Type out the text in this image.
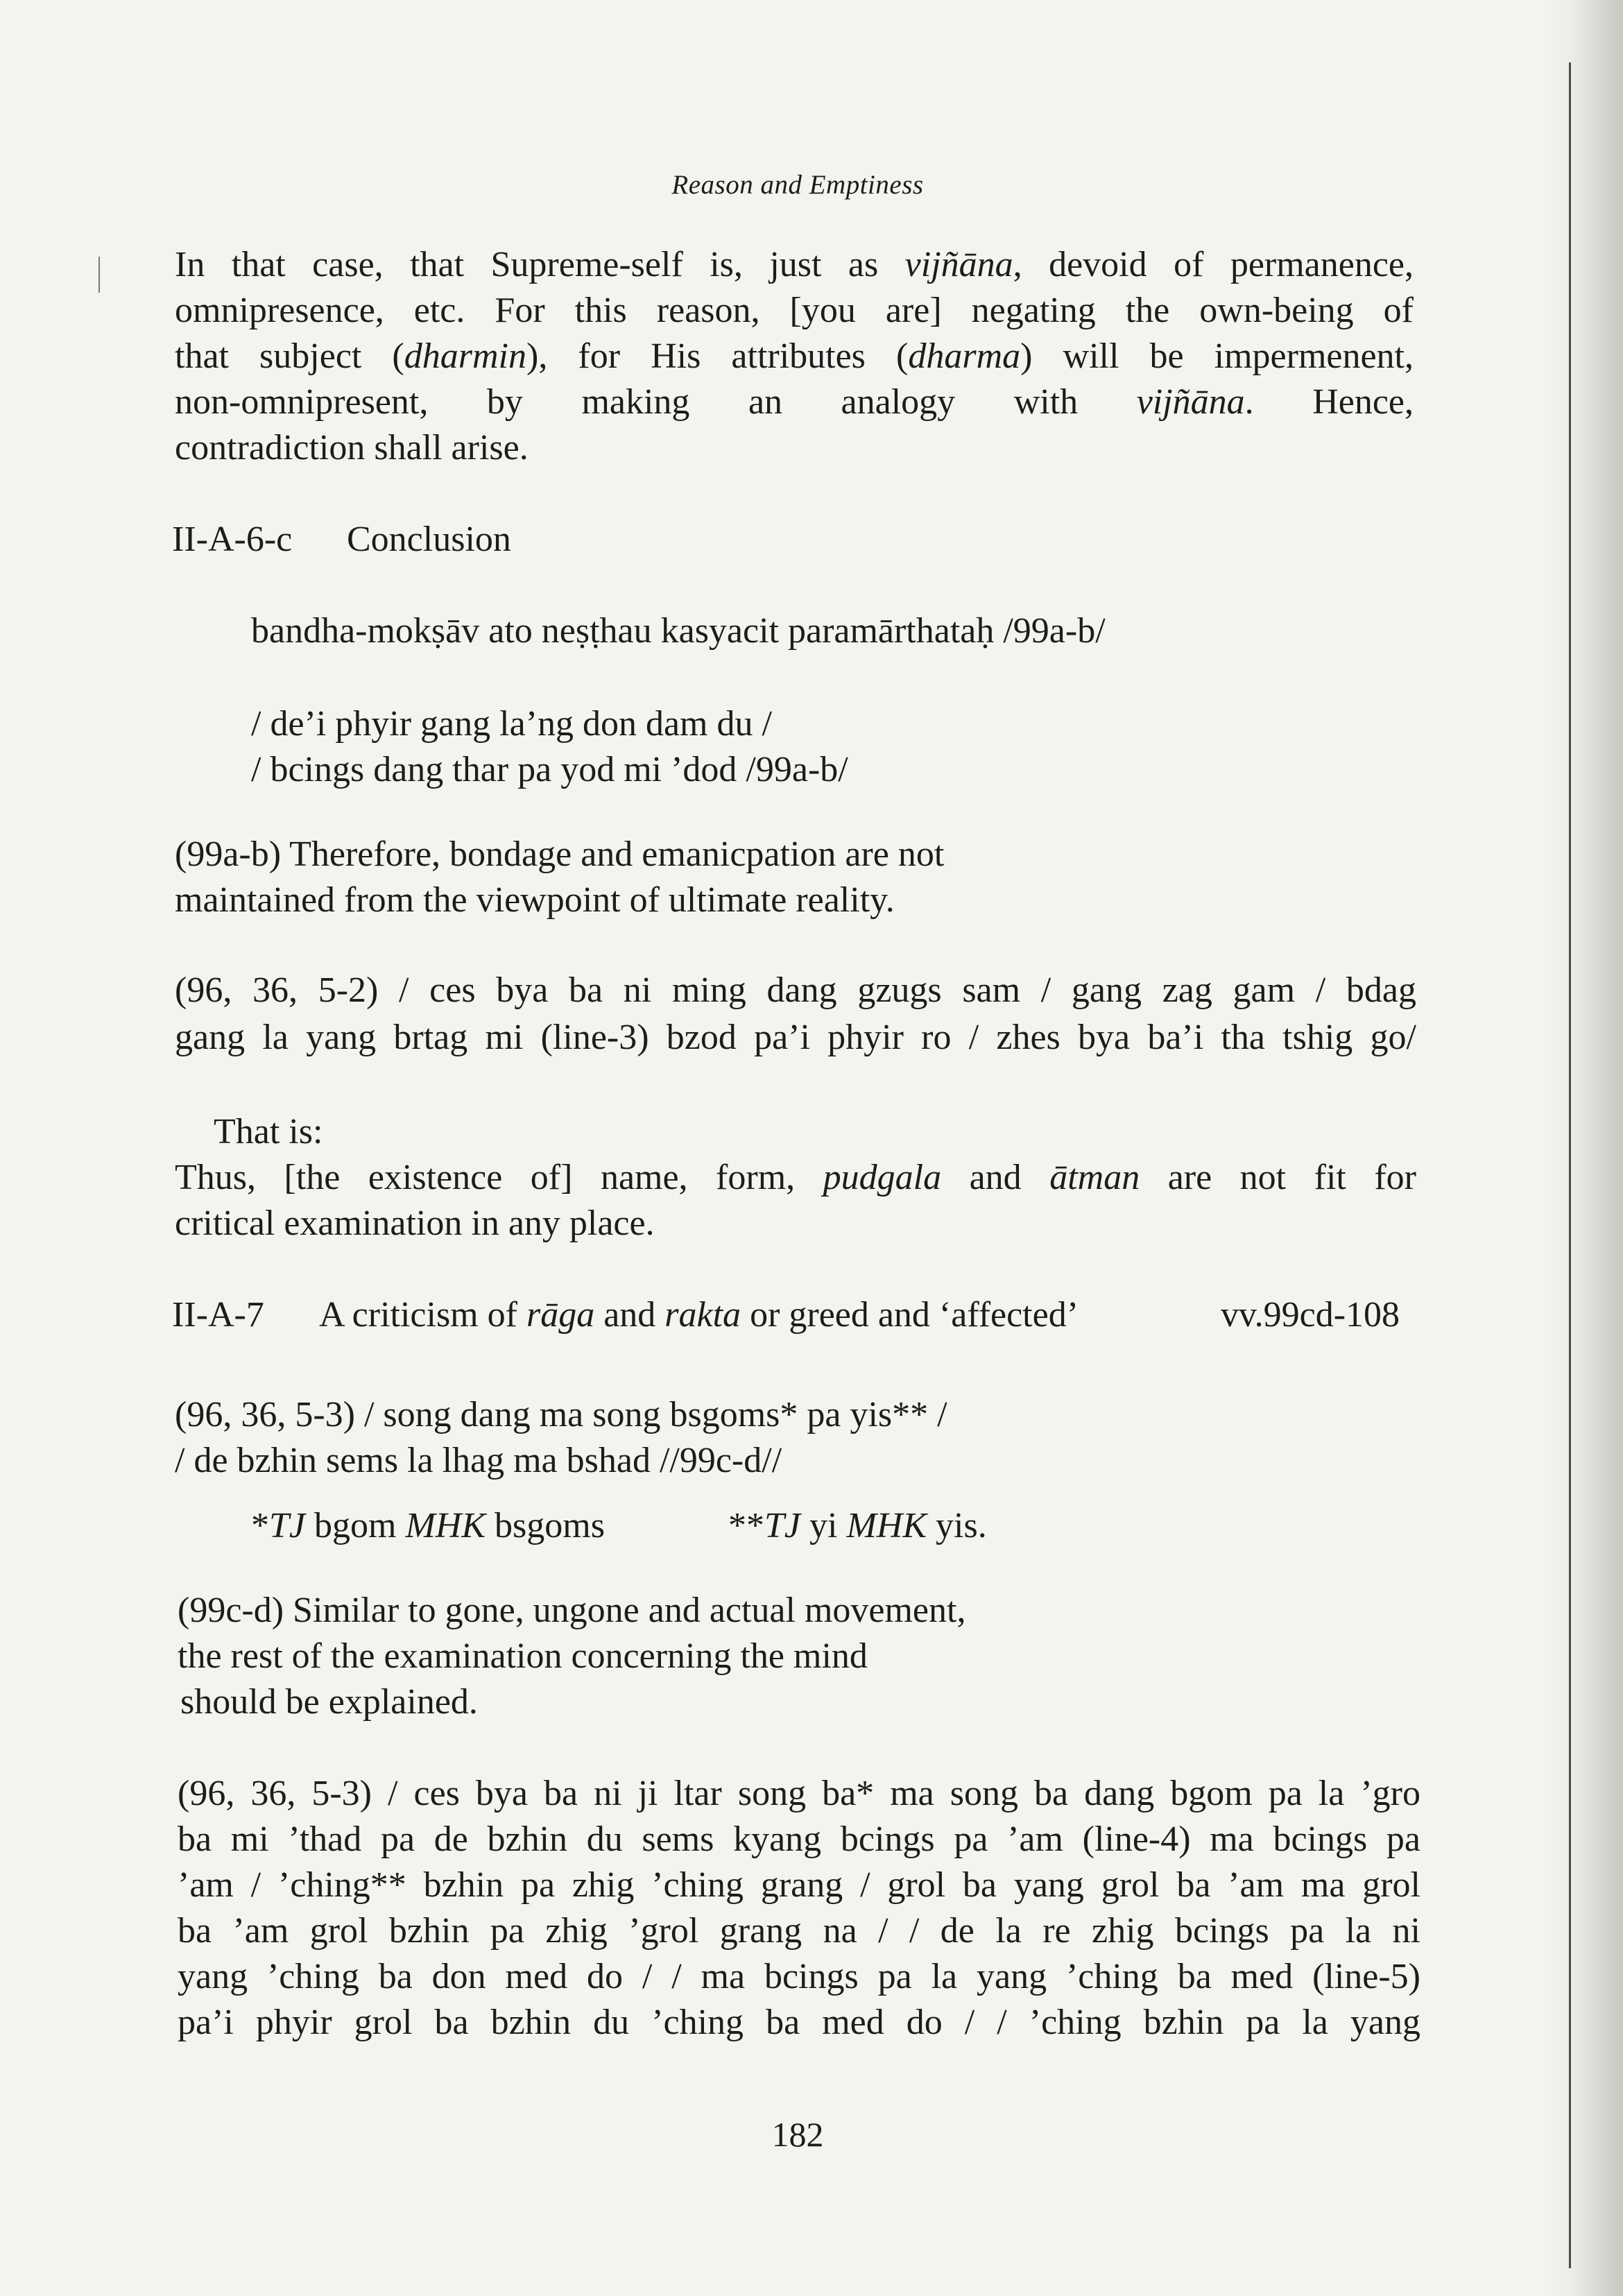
Reason and Emptiness
In that case, that Supreme-self is, just as vijñāna, devoid of permanence,
omnipresence, etc. For this reason, [you are] negating the own-being of
that subject (dharmin), for His attributes (dharma) will be impermenent,
non-omnipresent, by making an analogy with vijñāna. Hence,
contradiction shall arise.
II-A-6-c Conclusion
bandha-mokṣāv ato neṣṭhau kasyacit paramārthataḥ /99a-b/
/ de’i phyir gang la’ng don dam du /
/ bcings dang thar pa yod mi ’dod /99a-b/
(99a-b) Therefore, bondage and emanicpation are not
maintained from the viewpoint of ultimate reality.
(96, 36, 5-2) / ces bya ba ni ming dang gzugs sam / gang zag gam / bdag
gang la yang brtag mi (line-3) bzod pa’i phyir ro / zhes bya ba’i tha tshig go/
That is:
Thus, [the existence of] name, form, pudgala and ātman are not fit for
critical examination in any place.
II-A-7 A criticism of rāga and rakta or greed and ‘affected’	vv.99cd-108
(96, 36, 5-3) / song dang ma song bsgoms* pa yis** /
/ de bzhin sems la lhag ma bshad //99c-d//
*TJ bgom MHK bsgoms	**TJ yi MHK yis.
(99c-d) Similar to gone, ungone and actual movement,
the rest of the examination concerning the mind
should be explained.
(96, 36, 5-3) / ces bya ba ni ji ltar song ba* ma song ba dang bgom pa la ’gro
ba mi ’thad pa de bzhin du sems kyang bcings pa ’am (line-4) ma bcings pa
’am / ’ching** bzhin pa zhig ’ching grang / grol ba yang grol ba ’am ma grol
ba ’am grol bzhin pa zhig ’grol grang na / / de la re zhig bcings pa la ni
yang ’ching ba don med do / / ma bcings pa la yang ’ching ba med (line-5)
pa’i phyir grol ba bzhin du ’ching ba med do / / ’ching bzhin pa la yang
182
